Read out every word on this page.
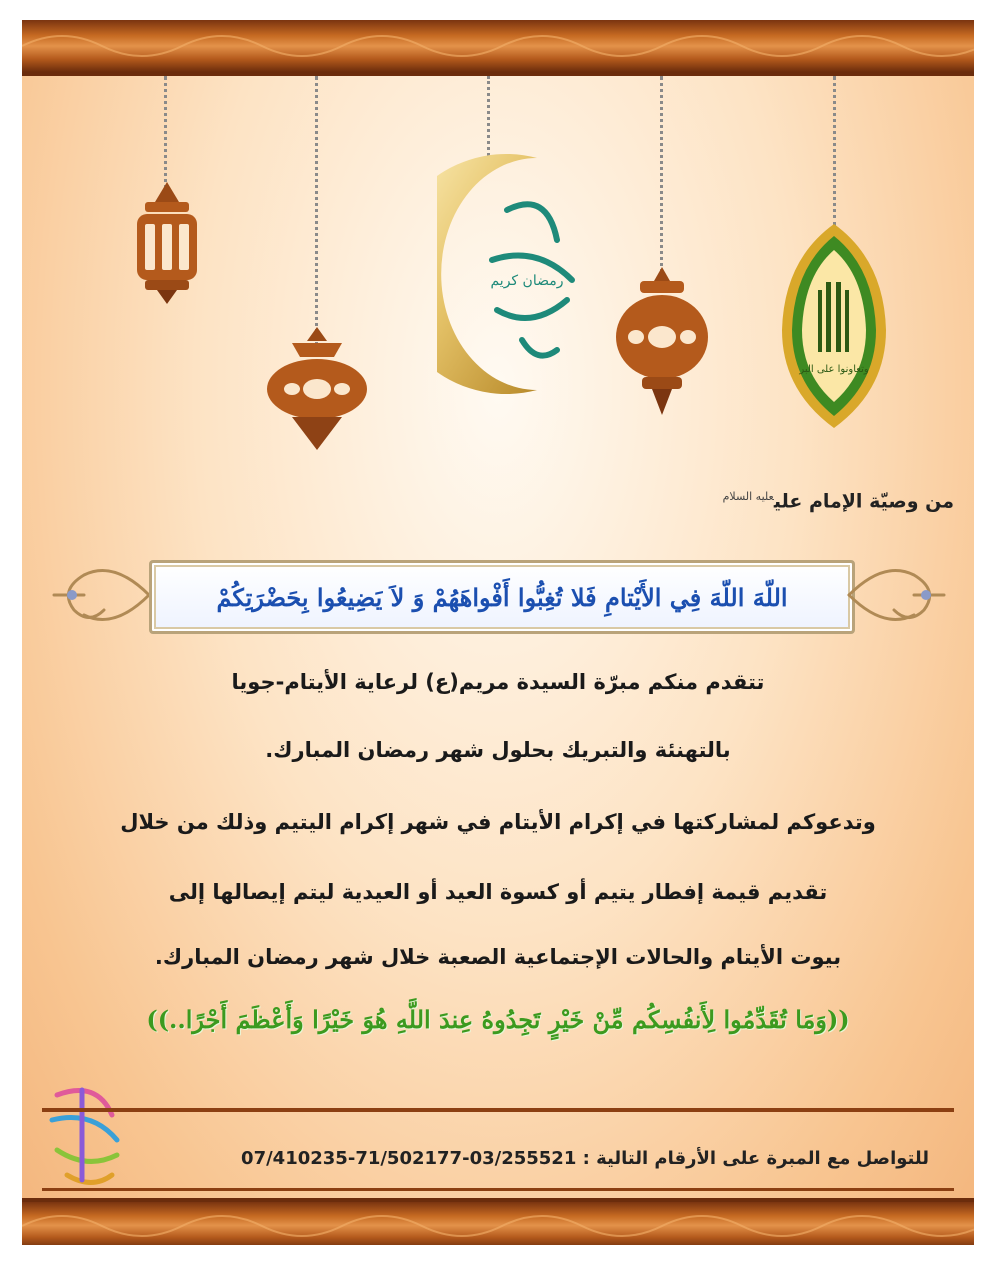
رمضان كريم
وتعاونوا على البر
من وصيّة الإمام علي$^{عليه السلام}$
اللّهَ اللّهَ فِي الأَيْتامِ فَلا تُغِبُّوا أَفْواهَهُمْ وَ لاَ يَضِيعُوا بِحَضْرَتِكُمْ
تتقدم منكم مبرّة السيدة مريم(ع) لرعاية الأيتام-جويا
بالتهنئة والتبريك بحلول شهر رمضان المبارك.
وتدعوكم لمشاركتها في إكرام الأيتام في شهر إكرام اليتيم وذلك من خلال
تقديم قيمة إفطار يتيم أو كسوة العيد أو العيدية ليتم إيصالها إلى
بيوت الأيتام والحالات الإجتماعية الصعبة خلال شهر رمضان المبارك.
((وَمَا تُقَدِّمُوا لِأَنفُسِكُم مِّنْ خَيْرٍ تَجِدُوهُ عِندَ اللَّهِ هُوَ خَيْرًا وَأَعْظَمَ أَجْرًا..))
للتواصل مع المبرة على الأرقام التالية : 03/255521-71/502177-07/410235
